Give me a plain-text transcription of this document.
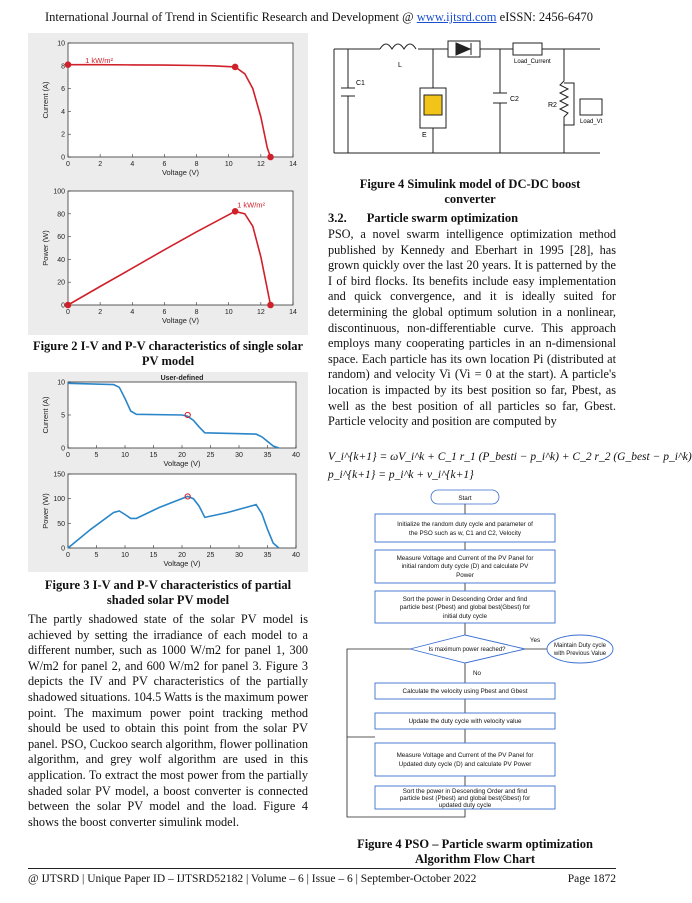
International Journal of Trend in Scientific Research and Development @ www.ijtsrd.com eISSN: 2456-6470
0	2	4	6	8	10	12	14
0
2
4
6
8
10
Voltage (V)
Current (A)
1 kW/m²
0	2	4	6	8	10	12	14
0
20
40
60
80
100
Voltage (V)
Power (W)
1 kW/m²
Figure 2 I-V and P-V characteristics of single solar PV model
0	5	10	15	20	25	30	35	40
0
5
10
Voltage (V)
Current (A)
User-defined
0	5	10	15	20	25	30	35	40
0
50
100
150
Voltage (V)
Power (W)
Figure 3 I-V and P-V characteristics of partial shaded solar PV model
The partly shadowed state of the solar PV model is achieved by setting the irradiance of each model to a different number, such as 1000 W/m2 for panel 1, 300 W/m2 for panel 2, and 600 W/m2 for panel 3. Figure 3 depicts the IV and PV characteristics of the partially shadowed situations. 104.5 Watts is the maximum power point. The maximum power point tracking method should be used to obtain this point from the solar PV panel. PSO, Cuckoo search algorithm, flower pollination algorithm, and grey wolf algorithm are used in this application. To extract the most power from the partially shaded solar PV model, a boost converter is connected between the solar PV model and the load. Figure 4 shows the boost converter simulink model.
C1
L
C2
R2
E
Load_Current
Load_Vt
Figure 4 Simulink model of DC-DC boost converter
3.2. Particle swarm optimization
PSO, a novel swarm intelligence optimization method published by Kennedy and Eberhart in 1995 [28], has grown quickly over the last 20 years. It is patterned by the I of bird flocks. Its benefits include easy implementation and quick convergence, and it is ideally suited for determining the global optimum solution in a nonlinear, discontinuous, non-differentiable curve. This approach employs many cooperating particles in an n-dimensional space. Each particle has its own location Pi (distributed at random) and velocity Vi (Vi = 0 at the start). A particle's location is impacted by its best position so far, Pbest, as well as the best position of all particles so far, Gbest. Particle velocity and position are computed by
V_i^{k+1} = ωV_i^k + C_1 r_1 (P_besti − p_i^k) + C_2 r_2 (G_best − p_i^k)
p_i^{k+1} = p_i^k + v_i^{k+1}
Start
Initialize the random duty cycle and parameter of
the PSO such as w, C1 and C2, Velocity
Measure Voltage and Current of the PV Panel for
initial random duty cycle (D) and calculate PV
Power
Sort the power in Descending Order and find
particle best (Pbest) and global best(Gbest) for
initial duty cycle
Is maximum power reached?
Yes
No
Maintain Duty cycle
with Previous Value
Calculate the velocity using Pbest and Gbest
Update the duty cycle with velocity value
Measure Voltage and Current of the PV Panel for
Updated duty cycle (D) and calculate PV Power
Sort the power in Descending Order and find
particle best (Pbest) and global best(Gbest) for
updated duty cycle
Figure 4 PSO – Particle swarm optimization Algorithm Flow Chart
@ IJTSRD | Unique Paper ID – IJTSRD52182 | Volume – 6 | Issue – 6 | September-October 2022	Page 1872
